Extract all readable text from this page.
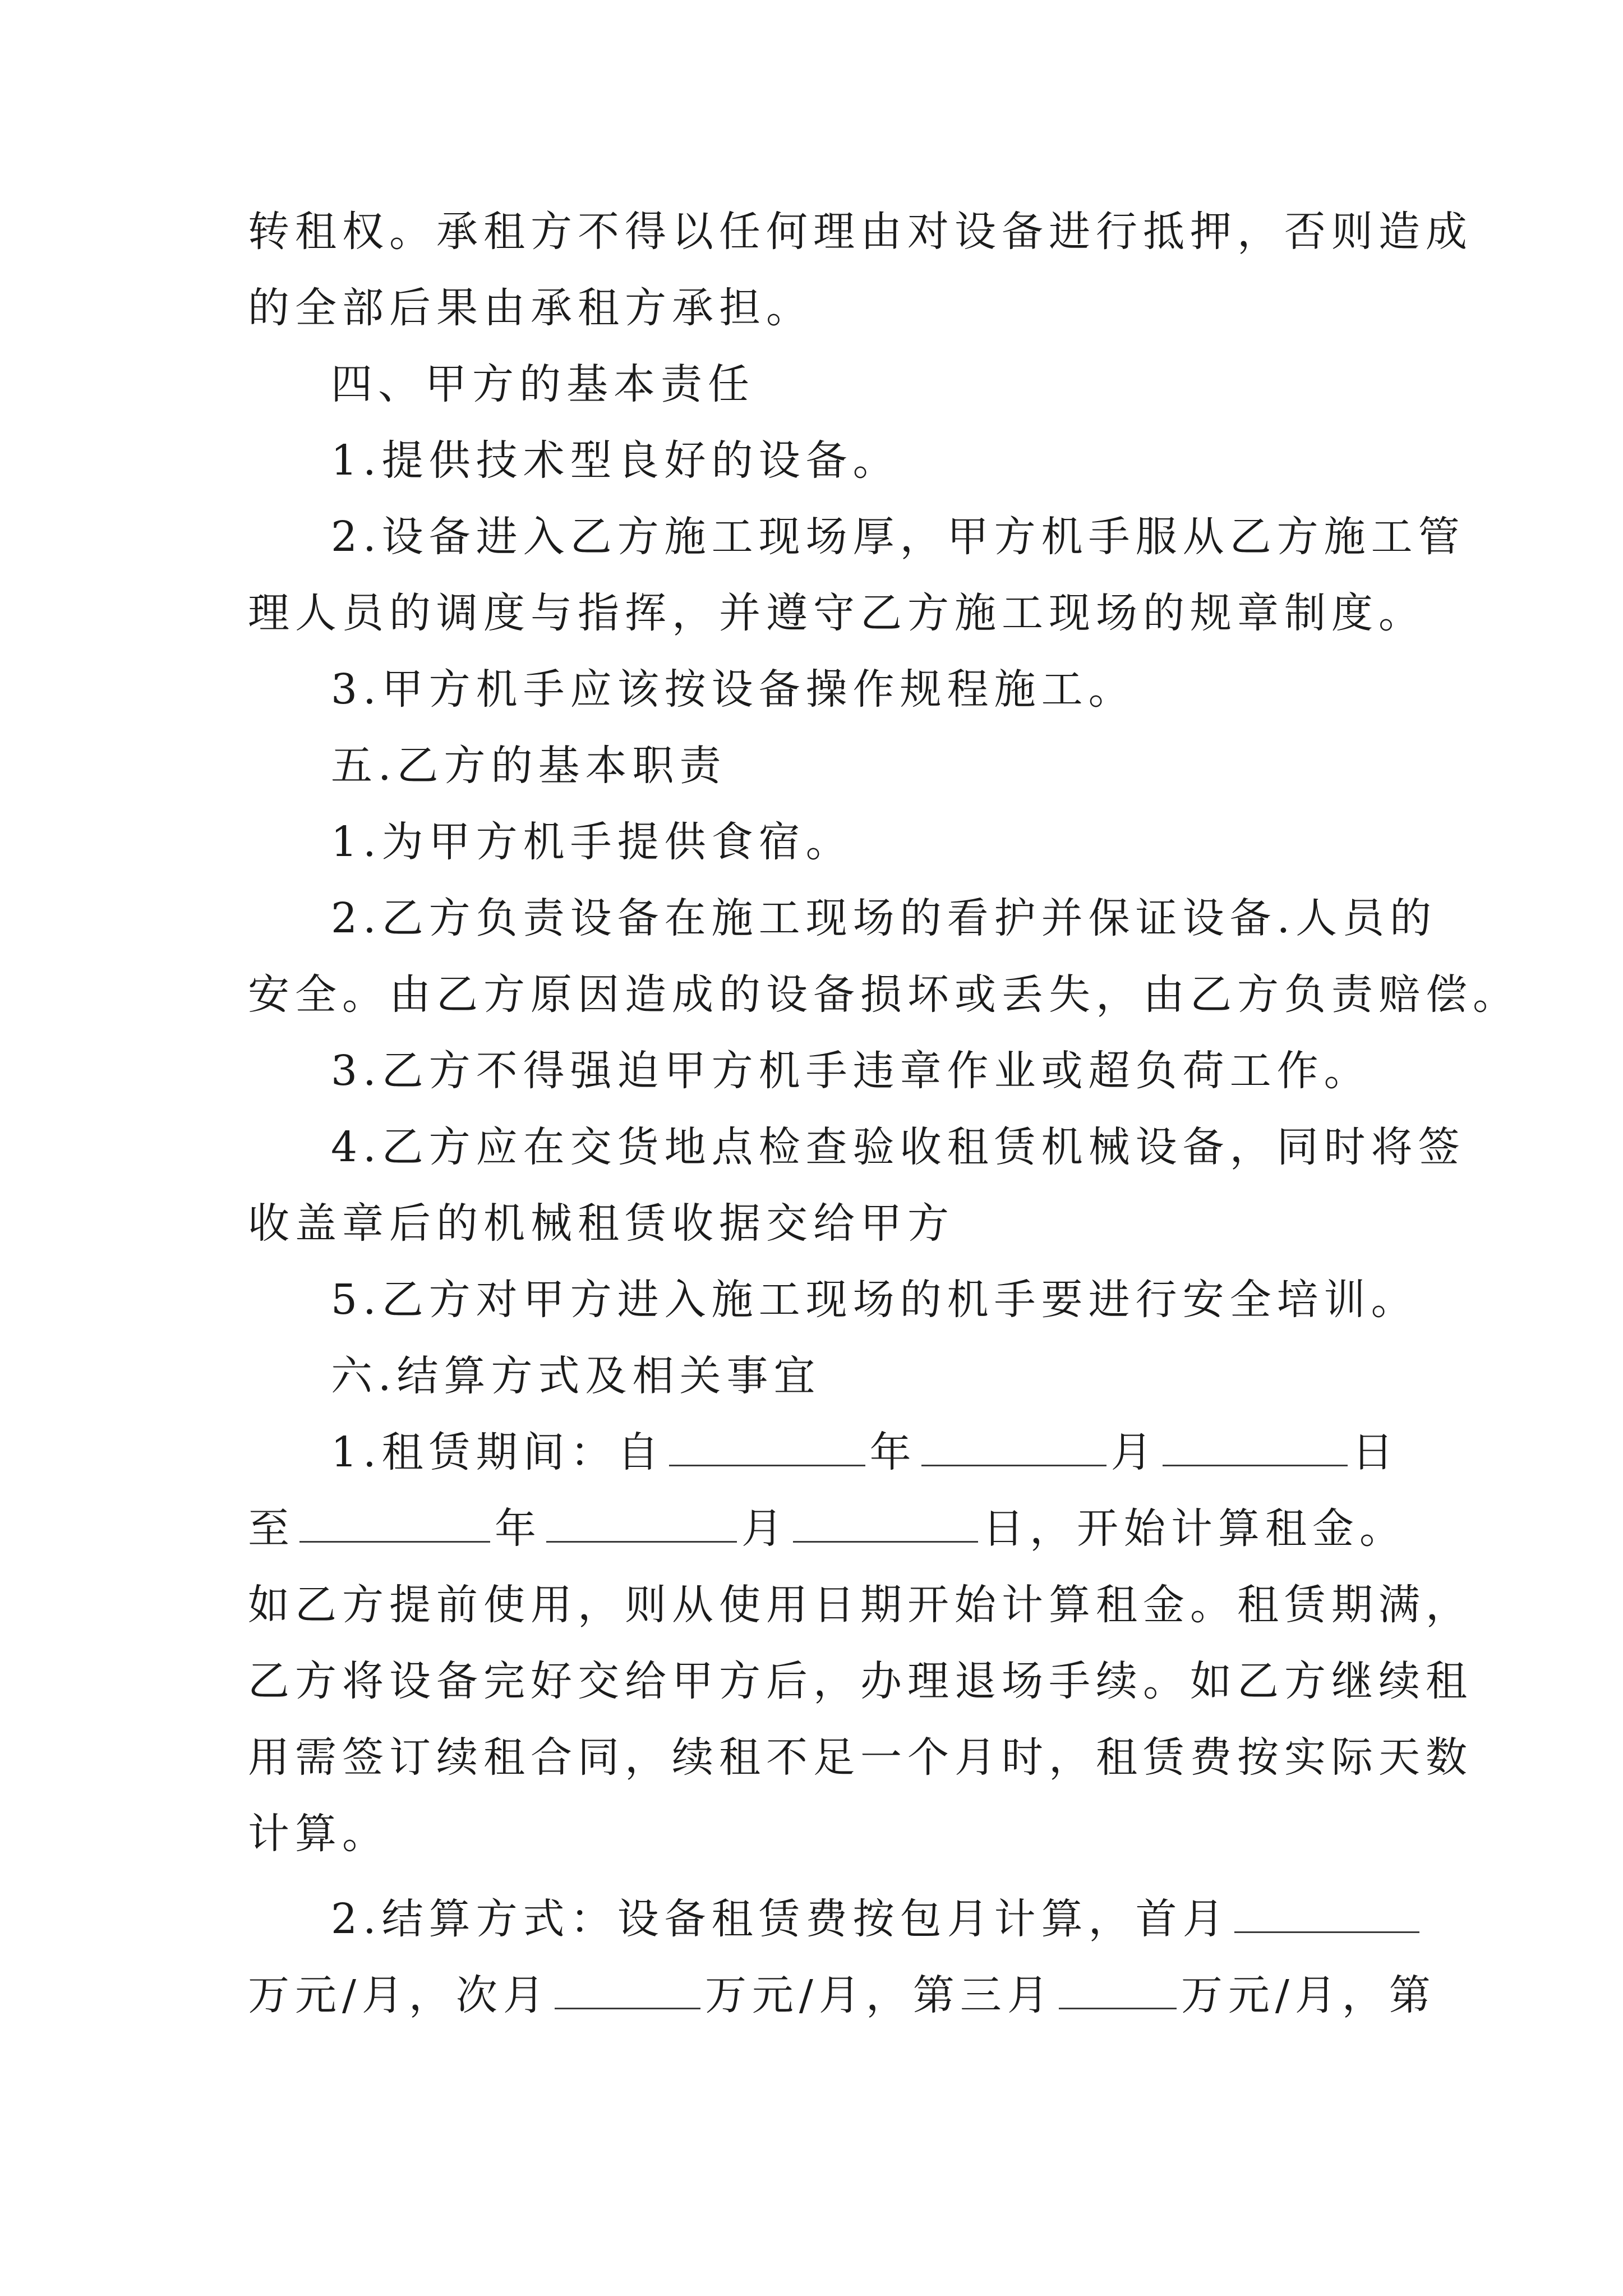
转租权。承租方不得以任何理由对设备进行抵押，否则造成
的全部后果由承租方承担。
四、甲方的基本责任
1.提供技术型良好的设备。
2.设备进入乙方施工现场厚，甲方机手服从乙方施工管
理人员的调度与指挥，并遵守乙方施工现场的规章制度。
3.甲方机手应该按设备操作规程施工。
五.乙方的基本职责
1.为甲方机手提供食宿。
2.乙方负责设备在施工现场的看护并保证设备.人员的
安全。由乙方原因造成的设备损坏或丢失，由乙方负责赔偿。
3.乙方不得强迫甲方机手违章作业或超负荷工作。
4.乙方应在交货地点检查验收租赁机械设备，同时将签
收盖章后的机械租赁收据交给甲方
5.乙方对甲方进入施工现场的机手要进行安全培训。
六.结算方式及相关事宜
1.租赁期间：自	年	月	日
至	年	月	日，开始计算租金。
如乙方提前使用，则从使用日期开始计算租金。租赁期满，
乙方将设备完好交给甲方后，办理退场手续。如乙方继续租
用需签订续租合同，续租不足一个月时，租赁费按实际天数
计算。
2.结算方式：设备租赁费按包月计算，首月
万元/月，次月	万元/月，第三月	万元/月，第
